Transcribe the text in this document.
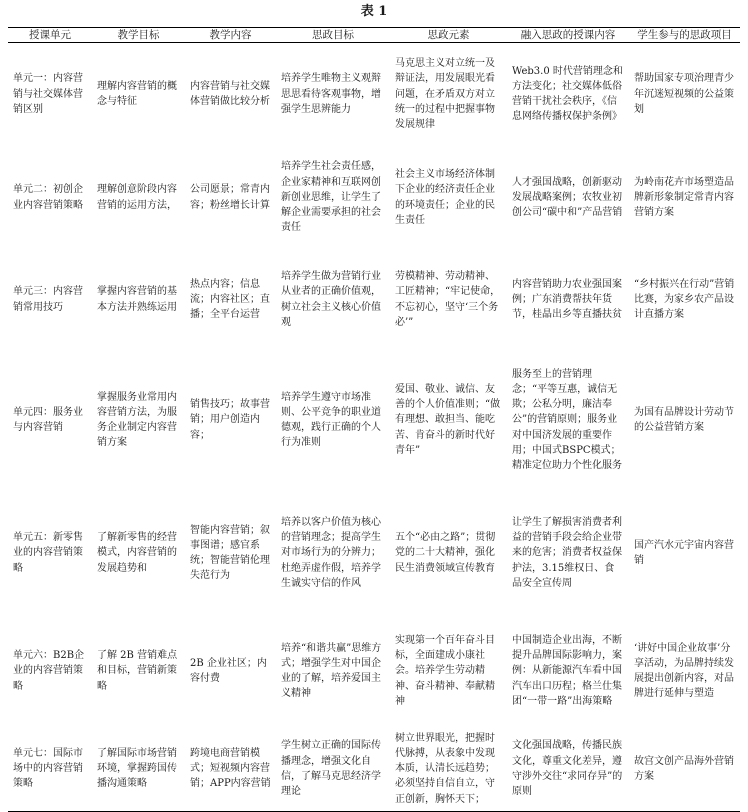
表 1
授课单元	教学目标	教学内容	思政目标	思政元素	融入思政的授课内容	学生参与的思政项目
单元一：内容营销与社交媒体营销区别	理解内容营销的概念与特征	内容营销与社交媒体营销做比较分析	培养学生唯物主义观辩思思看待客观事物，增强学生思辨能力	马克思主义对立统一及辩证法，用发展眼光看问题，在矛盾双方对立统一的过程中把握事物发展规律	Web3.0 时代营销理念和方法变化；社交媒体低俗营销干扰社会秩序，《信息网络传播权保护条例》	帮助国家专项治理青少年沉迷短视频的公益策划
单元二：初创企业内容营销策略	理解创意阶段内容营销的运用方法，	公司愿景；常青内容；粉丝增长计算	培养学生社会责任感，企业家精神和互联网创新创业思维，让学生了解企业需要承担的社会责任	社会主义市场经济体制下企业的经济责任企业的环境责任；企业的民生责任	人才强国战略，创新驱动发展战略案例；农牧业初创公司“碳中和”产品营销	为岭南花卉市场塑造品牌新形象制定常青内容营销方案
单元三：内容营销常用技巧	掌握内容营销的基本方法并熟练运用	热点内容；信息流；内容社区；直播；全平台运营	培养学生做为营销行业从业者的正确价值观，树立社会主义核心价值观	劳模精神、劳动精神、工匠精神；“牢记使命，不忘初心，坚守‘三个务必’”	内容营销助力农业强国案例；广东消费帮扶年货节，桂晶出乡等直播扶贫	“乡村振兴在行动”营销比赛，为家乡农产品设计直播方案
单元四：服务业与内容营销	掌握服务业常用内容营销方法，为服务企业制定内容营销方案	销售技巧；故事营销；用户创造内容；	培养学生遵守市场准则、公平竞争的职业道德观，践行正确的个人行为准则	爱国、敬业、诚信、友善的个人价值准则；“做有理想、敢担当、能吃苦、肯奋斗的新时代好青年”	服务至上的营销理念；“平等互惠，诚信无欺；公私分明，廉洁奉公”的营销原则；服务业对中国济发展的重要作用；中国式BSPC模式；精准定位助力个性化服务	为国有品牌设计劳动节的公益营销方案
单元五：新零售业的内容营销策略	了解新零售的经营模式，内容营销的发展趋势和	智能内容营销；叙事图谱；感官系统；智能营销伦理失范行为	培养以客户价值为核心的营销理念；提高学生对市场行为的分辨力；杜绝弄虚作假，培养学生诚实守信的作风	五个“必由之路”；贯彻党的二十大精神，强化民生消费领域宣传教育	让学生了解损害消费者利益的营销手段会给企业带来的危害；消费者权益保护法，3.15维权日、食品安全宣传周	国产汽水元宇宙内容营销
单元六：B2B企业的内容营销策略	了解 2B 营销难点和目标，营销新策略	2B 企业社区；内容付费	培养“和谐共赢”思维方式；增强学生对中国企业的了解，培养爱国主义精神	实现第一个百年奋斗目标，全面建成小康社会。培养学生劳动精神、奋斗精神、奉献精神	中国制造企业出海，不断提升品牌国际影响力，案例：从新能源汽车看中国汽车出口历程；格兰仕集团“一带一路”出海策略	‘讲好中国企业故事’分享活动，为品牌持续发展提出创新内容，对品牌进行延伸与塑造
单元七：国际市场中的内容营销策略	了解国际市场营销环境，掌握跨国传播沟通策略	跨境电商营销模式；短视频内容营销；APP内容营销	学生树立正确的国际传播理念，增强文化自信，了解马克思经济学理论	树立世界眼光，把握时代脉搏，从表象中发现本质，认清长远趋势；必须坚持自信自立，守正创新，胸怀天下；	文化强国战略，传播民族文化，尊重文化差异，遵守涉外交往“求同存异”的原则	故宫文创产品海外营销方案
